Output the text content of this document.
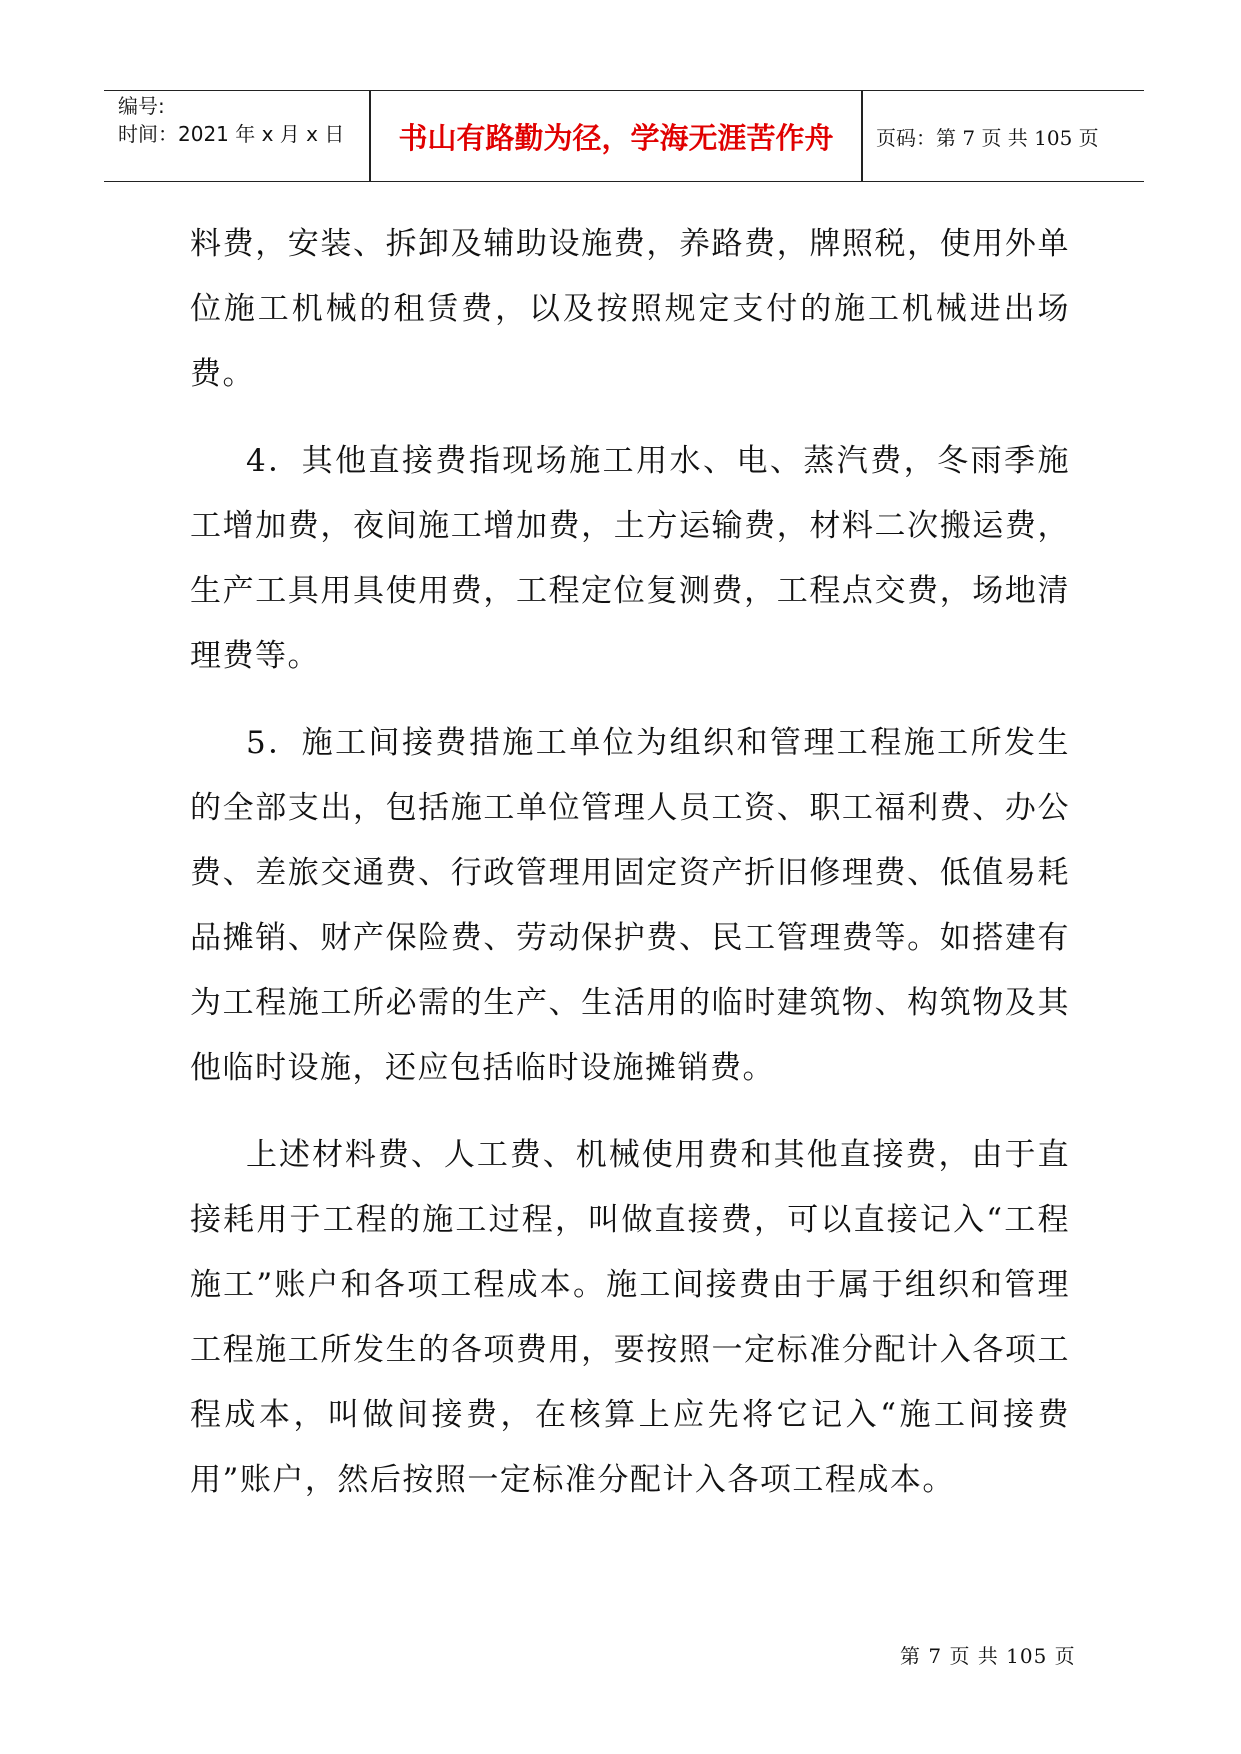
编号:
时间：2021 年 x 月 x 日	书山有路勤为径，学海无涯苦作舟	页码：第 7 页 共 105 页

料费，安装、拆卸及辅助设施费，养路费，牌照税，使用外单位施工机械的租赁费，以及按照规定支付的施工机械进出场费。

4．其他直接费指现场施工用水、电、蒸汽费，冬雨季施工增加费，夜间施工增加费，土方运输费，材料二次搬运费，生产工具用具使用费，工程定位复测费，工程点交费，场地清理费等。

5．施工间接费措施工单位为组织和管理工程施工所发生的全部支出，包括施工单位管理人员工资、职工福利费、办公费、差旅交通费、行政管理用固定资产折旧修理费、低值易耗品摊销、财产保险费、劳动保护费、民工管理费等。如搭建有为工程施工所必需的生产、生活用的临时建筑物、构筑物及其他临时设施，还应包括临时设施摊销费。

上述材料费、人工费、机械使用费和其他直接费，由于直接耗用于工程的施工过程，叫做直接费，可以直接记入“工程施工”账户和各项工程成本。施工间接费由于属于组织和管理工程施工所发生的各项费用，要按照一定标准分配计入各项工程成本，叫做间接费，在核算上应先将它记入“施工间接费用”账户，然后按照一定标准分配计入各项工程成本。

第 7 页 共 105 页
